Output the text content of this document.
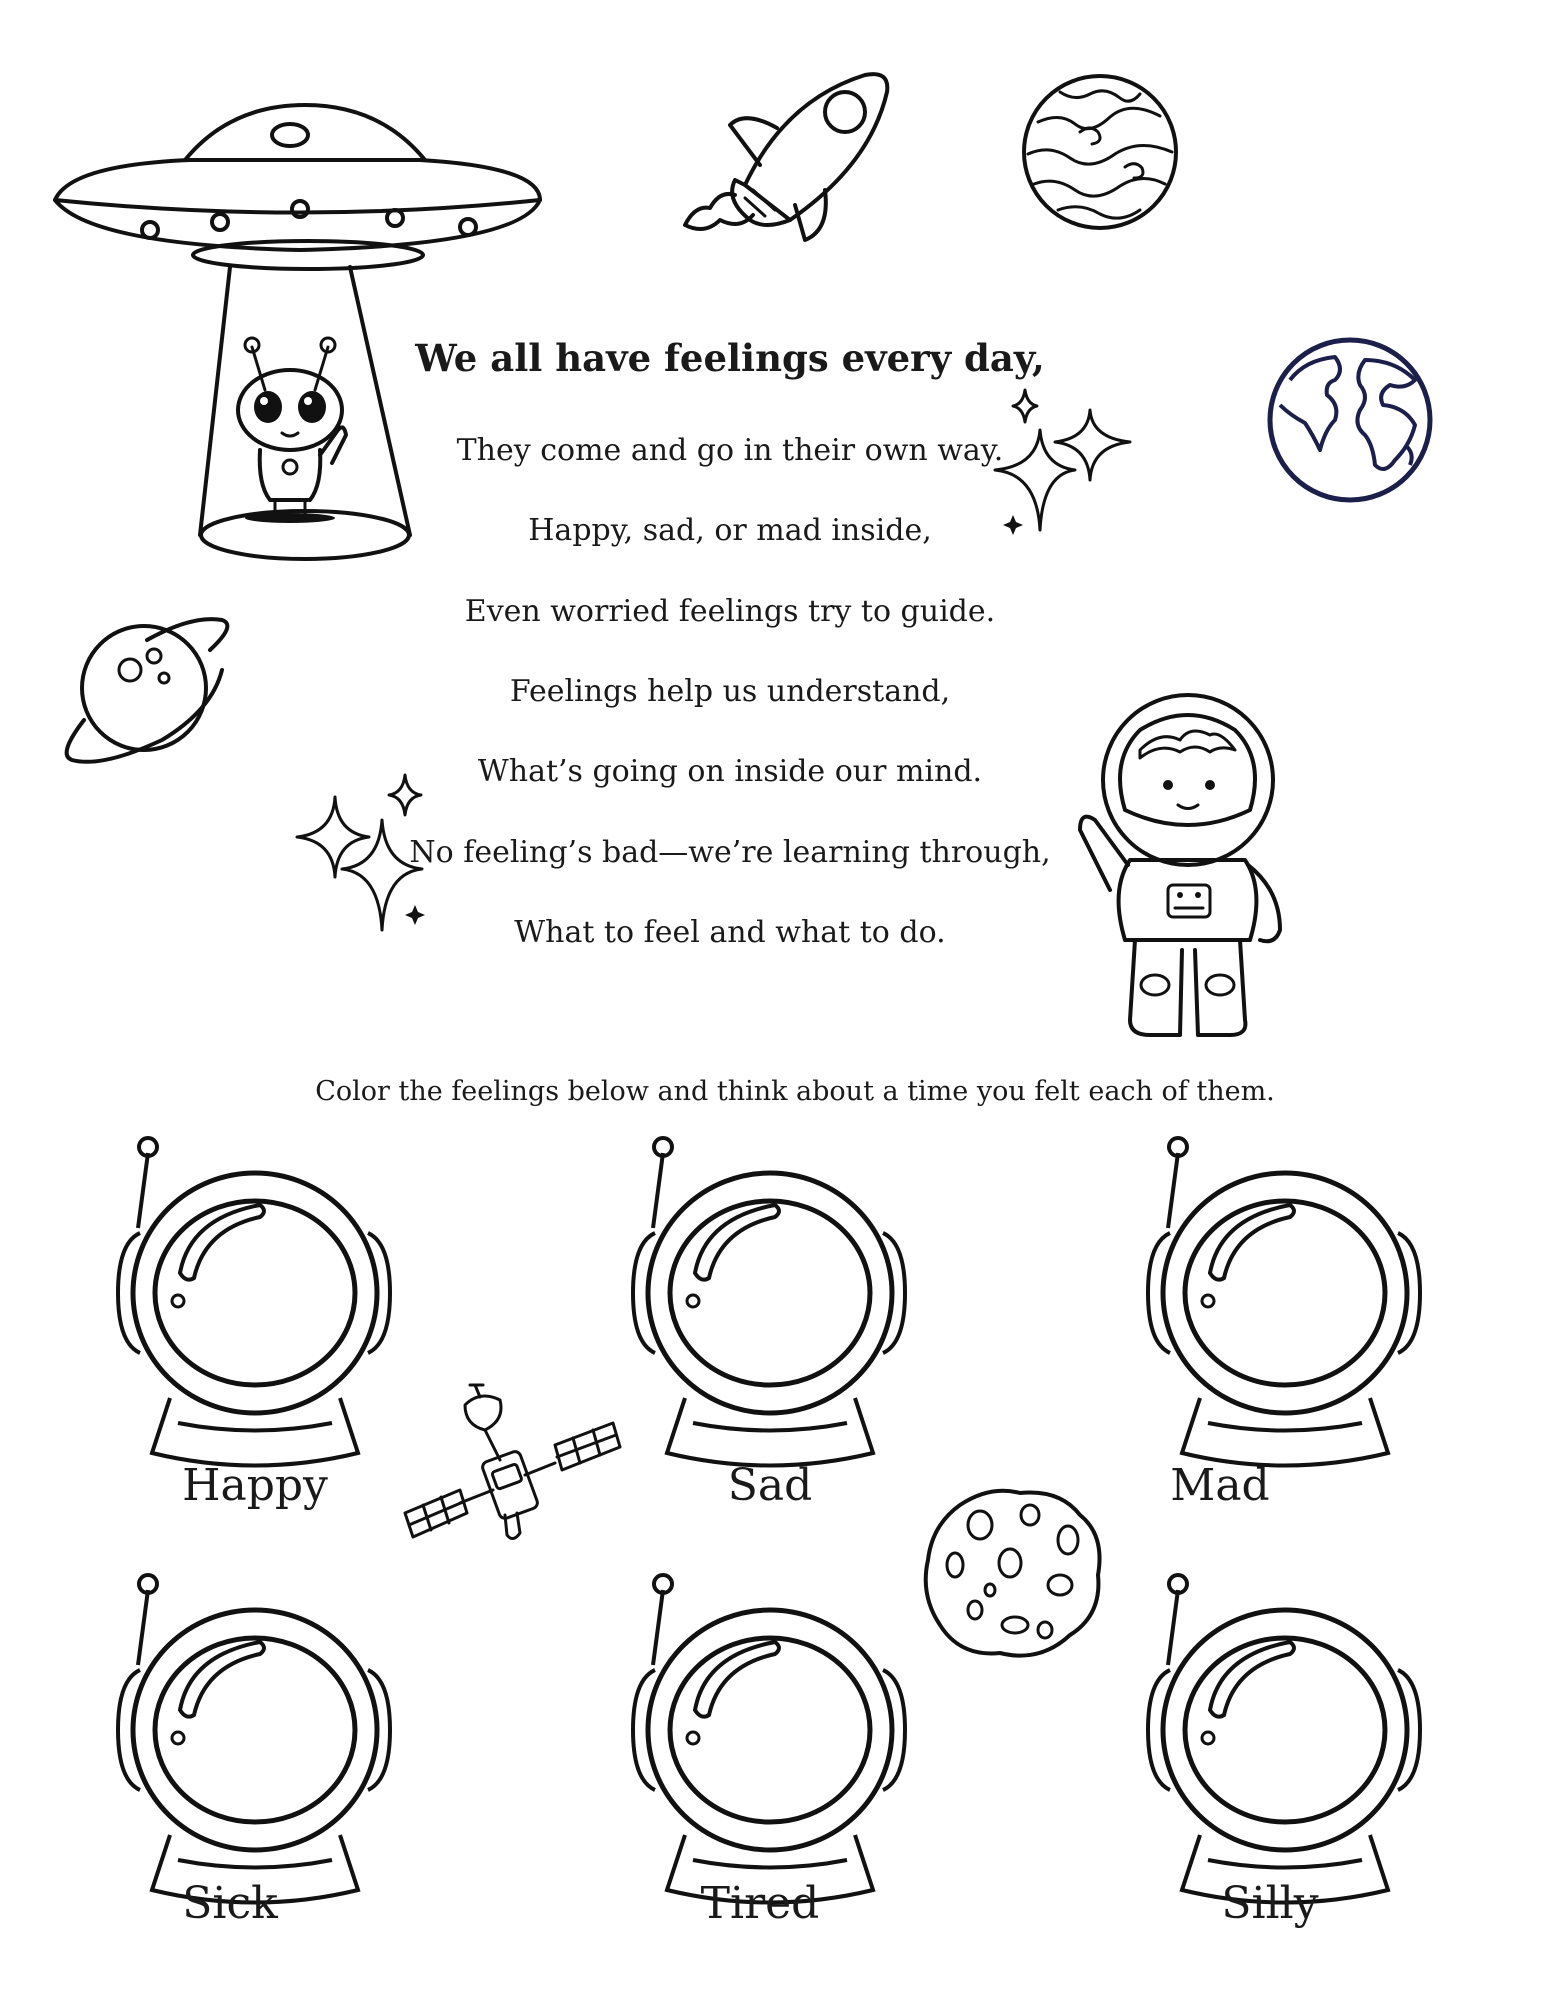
We all have feelings every day,
They come and go in their own way.
Happy, sad, or mad inside,
Even worried feelings try to guide.
Feelings help us understand,
What’s going on inside our mind.
No feeling’s bad—we’re learning through,
What to feel and what to do.
Color the feelings below and think about a time you felt each of them.
Happy	Sad	Mad
Sick	Tired	Silly
